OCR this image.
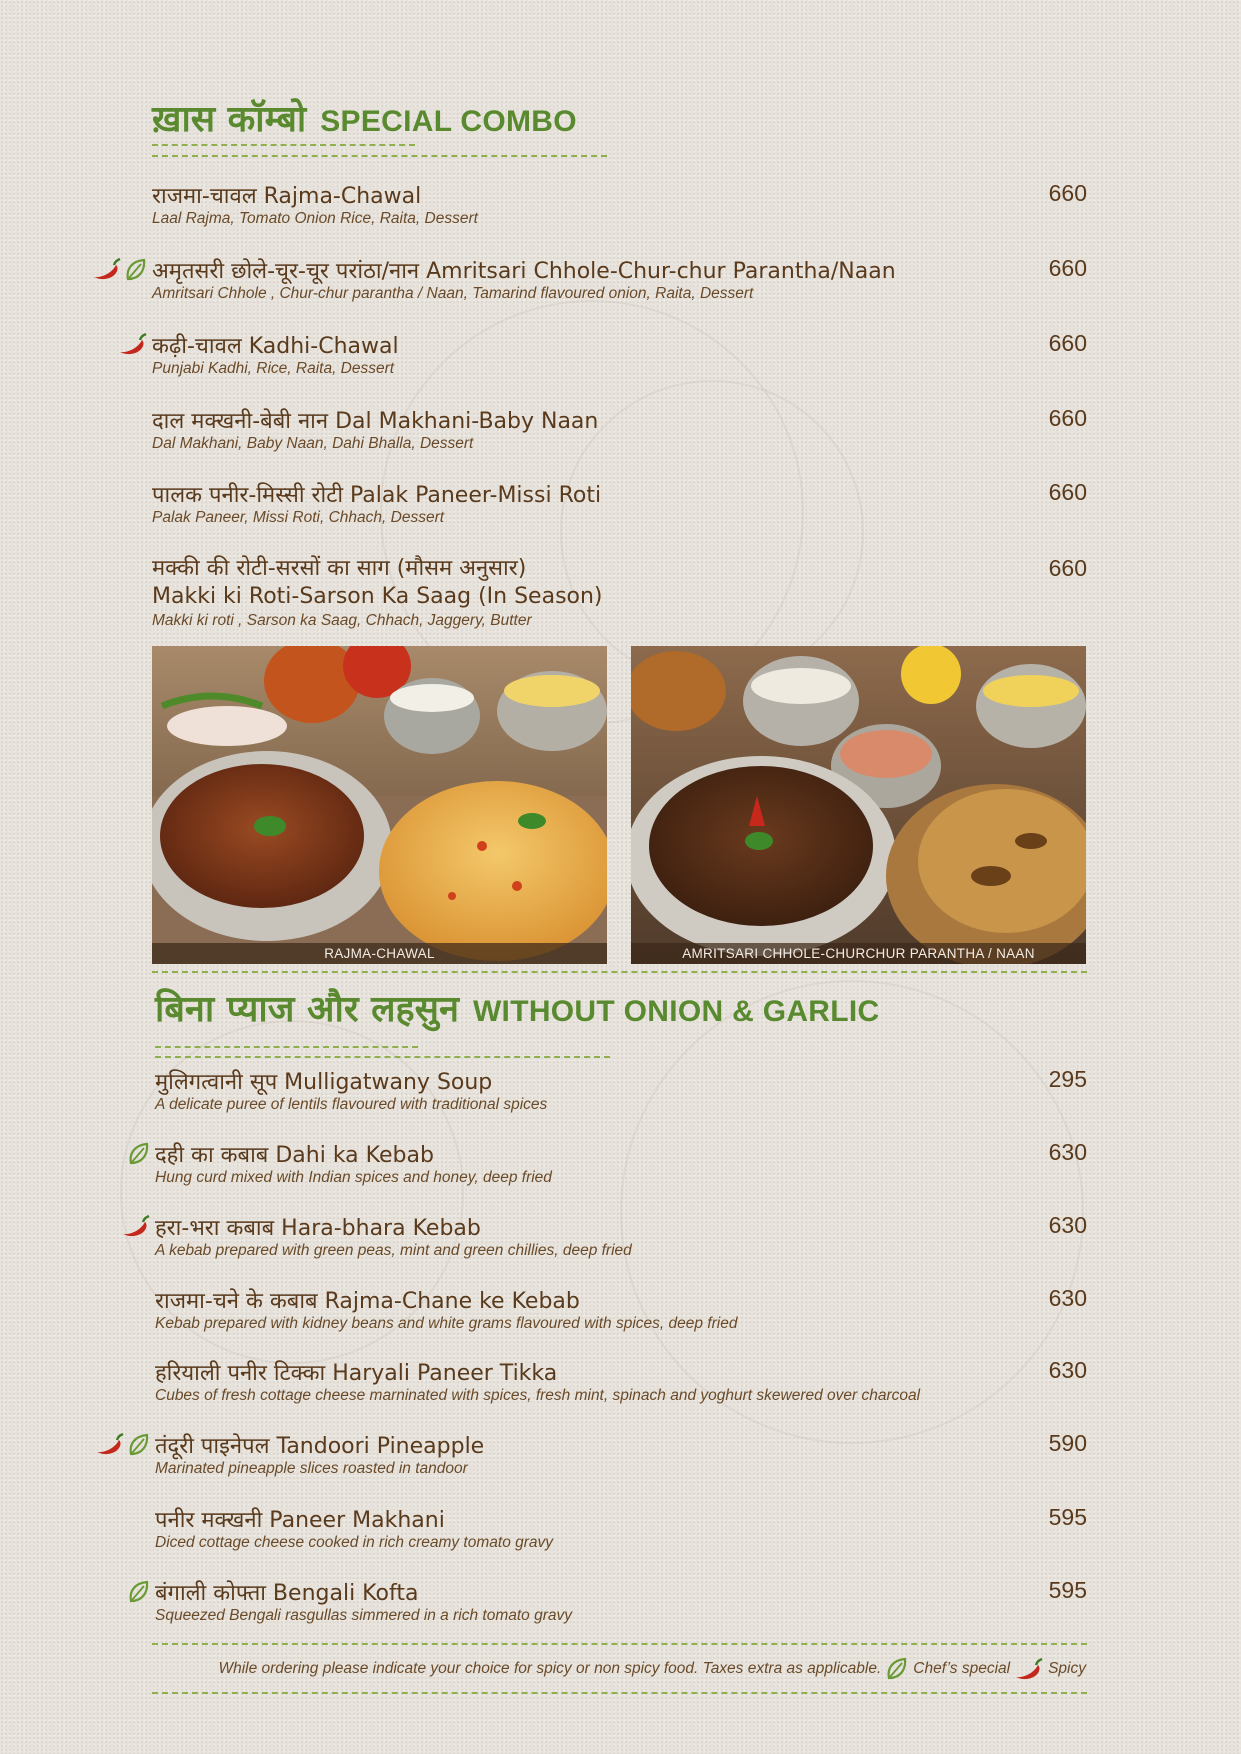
ख़ास कॉम्बो SPECIAL COMBO
राजमा-चावल Rajma-Chawal
Laal Rajma, Tomato Onion Rice, Raita, Dessert
660
अमृतसरी छोले-चूर-चूर परांठा/नान Amritsari Chhole-Chur-chur Parantha/Naan
Amritsari Chhole , Chur-chur parantha / Naan, Tamarind flavoured onion, Raita, Dessert
660
कढ़ी-चावल Kadhi-Chawal
Punjabi Kadhi, Rice, Raita, Dessert
660
दाल मक्खनी-बेबी नान Dal Makhani-Baby Naan
Dal Makhani, Baby Naan, Dahi Bhalla, Dessert
660
पालक पनीर-मिस्सी रोटी Palak Paneer-Missi Roti
Palak Paneer, Missi Roti, Chhach, Dessert
660
मक्की की रोटी-सरसों का साग (मौसम अनुसार)
Makki ki Roti-Sarson Ka Saag (In Season)
Makki ki roti , Sarson ka Saag, Chhach, Jaggery, Butter
660
RAJMA-CHAWAL	AMRITSARI CHHOLE-CHURCHUR PARANTHA / NAAN
बिना प्याज और लहसुन WITHOUT ONION & GARLIC
मुलिगत्वानी सूप Mulligatwany Soup
A delicate puree of lentils flavoured with traditional spices
295
दही का कबाब Dahi ka Kebab
Hung curd mixed with Indian spices and honey, deep fried
630
हरा-भरा कबाब Hara-bhara Kebab
A kebab prepared with green peas, mint and green chillies, deep fried
630
राजमा-चने के कबाब Rajma-Chane ke Kebab
Kebab prepared with kidney beans and white grams flavoured with spices, deep fried
630
हरियाली पनीर टिक्का Haryali Paneer Tikka
Cubes of fresh cottage cheese marninated with spices, fresh mint, spinach and yoghurt skewered over charcoal
630
तंदूरी पाइनेपल Tandoori Pineapple
Marinated pineapple slices roasted in tandoor
590
पनीर मक्खनी Paneer Makhani
Diced cottage cheese cooked in rich creamy tomato gravy
595
बंगाली कोफ्ता Bengali Kofta
Squeezed Bengali rasgullas simmered in a rich tomato gravy
595
While ordering please indicate your choice for spicy or non spicy food. Taxes extra as applicable. Chef’s special Spicy
